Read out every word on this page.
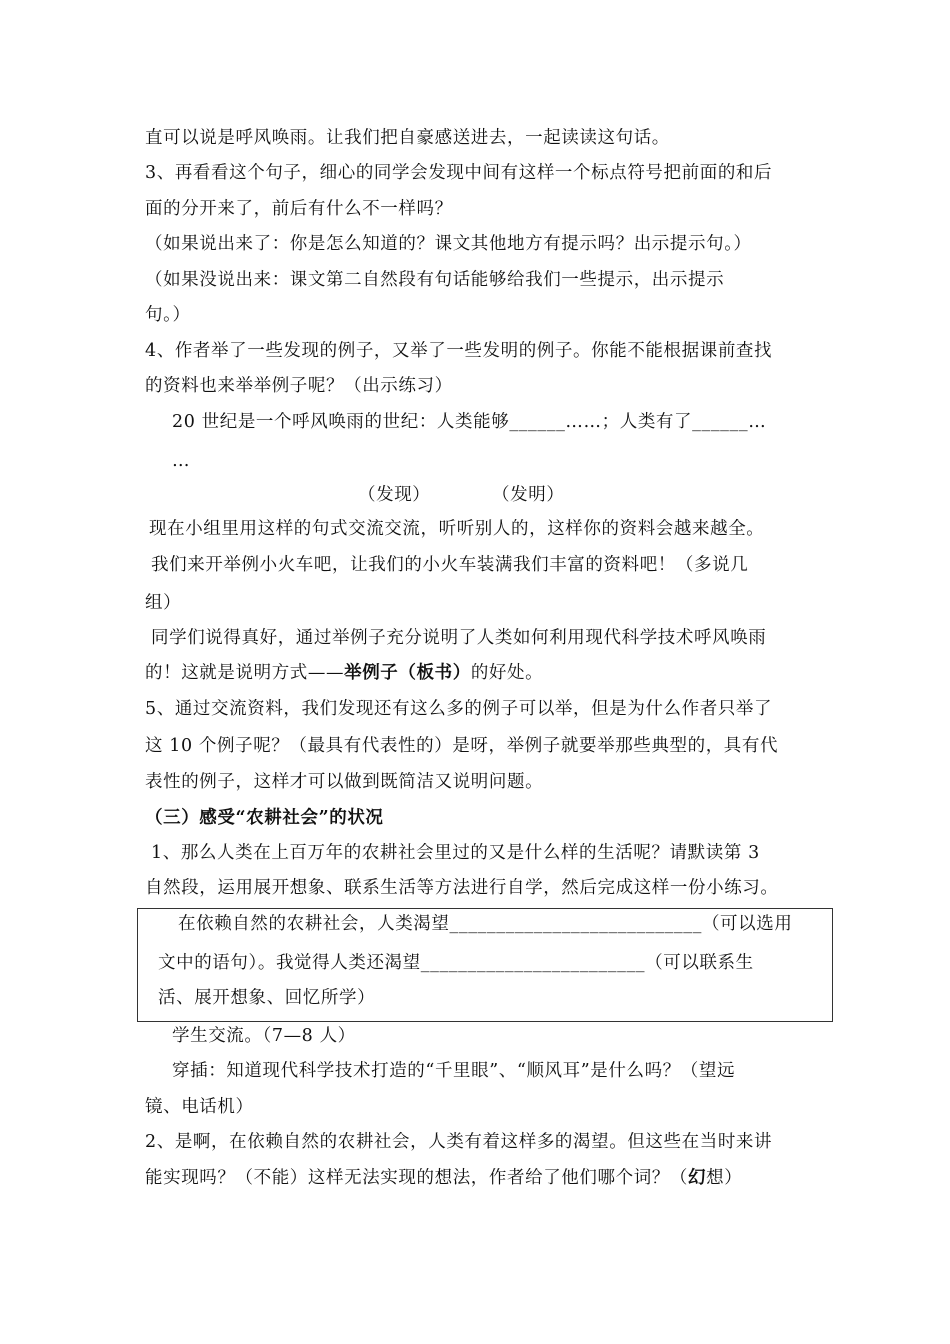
直可以说是呼风唤雨。让我们把自豪感送进去，一起读读这句话。
3、再看看这个句子，细心的同学会发现中间有这样一个标点符号把前面的和后
面的分开来了，前后有什么不一样吗？
（如果说出来了：你是怎么知道的？课文其他地方有提示吗？出示提示句。）
（如果没说出来：课文第二自然段有句话能够给我们一些提示，出示提示
句。）
4、作者举了一些发现的例子，又举了一些发明的例子。你能不能根据课前查找
的资料也来举举例子呢？（出示练习）
20 世纪是一个呼风唤雨的世纪：人类能够______……；人类有了______…
…
（发现）          （发明）
现在小组里用这样的句式交流交流，听听别人的，这样你的资料会越来越全。
我们来开举例小火车吧，让我们的小火车装满我们丰富的资料吧！（多说几
组）
同学们说得真好，通过举例子充分说明了人类如何利用现代科学技术呼风唤雨
的！这就是说明方式——举例子（板书）的好处。
5、通过交流资料，我们发现还有这么多的例子可以举，但是为什么作者只举了
这 10 个例子呢？（最具有代表性的）是呀，举例子就要举那些典型的，具有代
表性的例子，这样才可以做到既简洁又说明问题。
（三）感受“农耕社会”的状况
1、那么人类在上百万年的农耕社会里过的又是什么样的生活呢？请默读第 3
自然段，运用展开想象、联系生活等方法进行自学，然后完成这样一份小练习。
在依赖自然的农耕社会，人类渴望___________________________（可以选用
文中的语句）。我觉得人类还渴望________________________（可以联系生
活、展开想象、回忆所学）
学生交流。（7—8 人）
穿插：知道现代科学技术打造的“千里眼”、“顺风耳”是什么吗？（望远
镜、电话机）
2、是啊，在依赖自然的农耕社会，人类有着这样多的渴望。但这些在当时来讲
能实现吗？（不能）这样无法实现的想法，作者给了他们哪个词？（幻想）
